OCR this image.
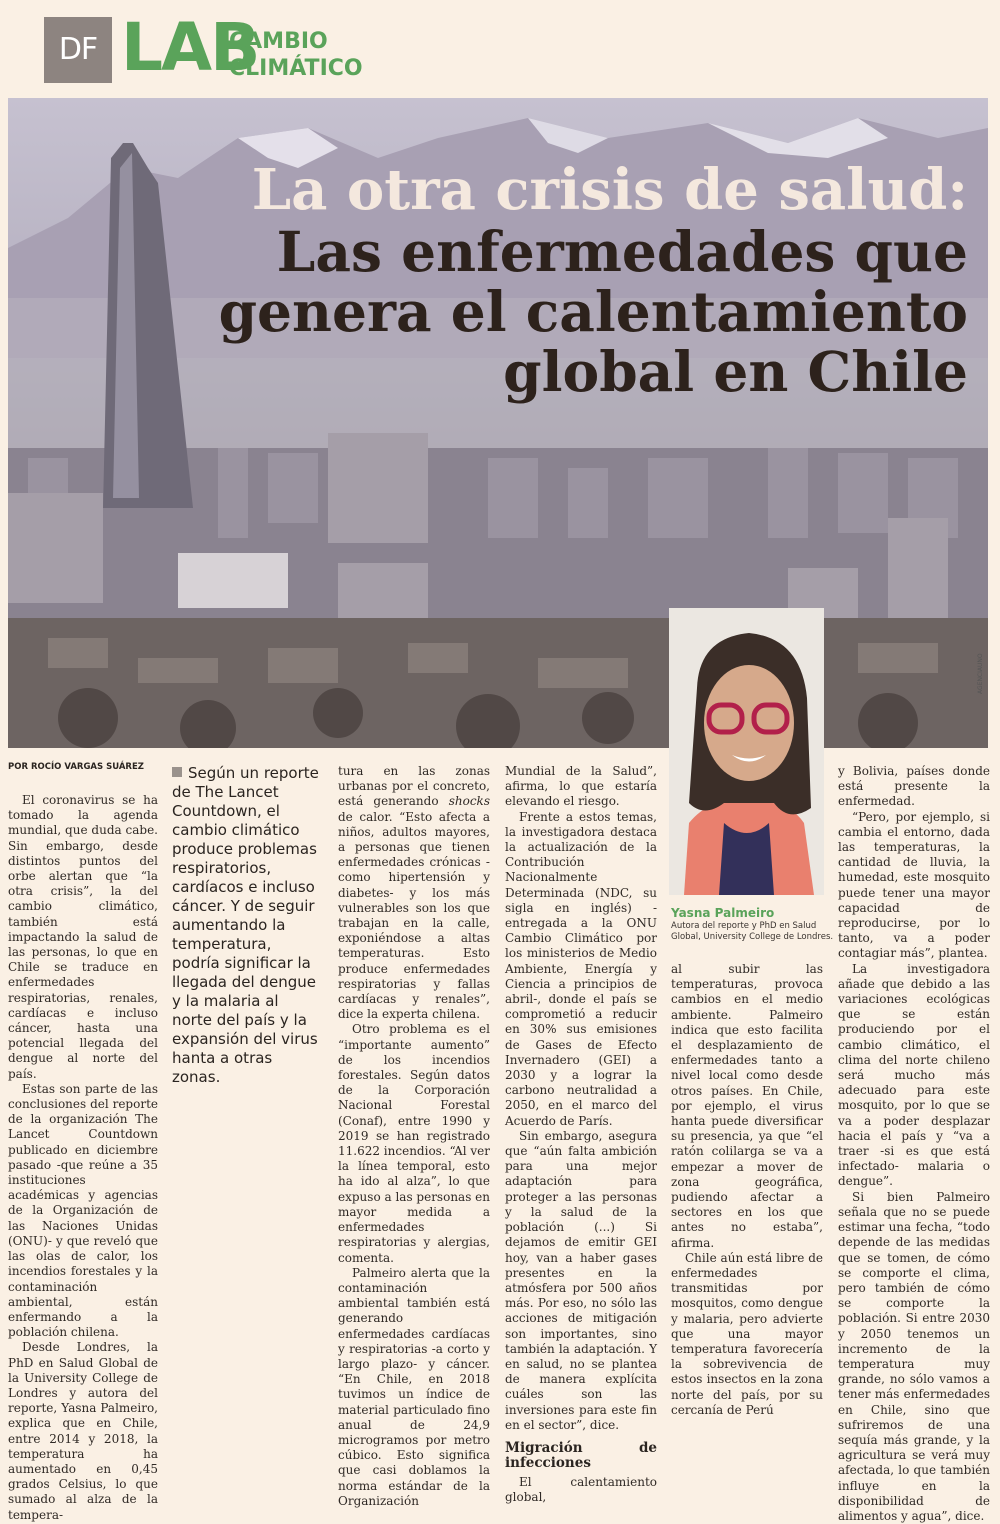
DF LAB
CAMBIO
CLIMÁTICO
La otra crisis de salud:
Las enfermedades que
genera el calentamiento
global en Chile
AGENCIAUNO
Yasna Palmeiro
Autora del reporte y PhD en Salud Global, University College de Londres.
POR ROCÍO VARGAS SUÁREZ

El coronavirus se ha tomado la agenda mundial, que duda cabe. Sin embargo, desde distintos puntos del orbe alertan que “la otra crisis”, la del cambio climático, también está impactando la salud de las personas, lo que en Chile se traduce en enfermedades respiratorias, renales, cardíacas e incluso cáncer, hasta una potencial llegada del dengue al norte del país.

Estas son parte de las conclusiones del reporte de la organización The Lancet Countdown publicado en diciembre pasado -que reúne a 35 instituciones académicas y agencias de la Organización de las Naciones Unidas (ONU)- y que reveló que las olas de calor, los incendios forestales y la contaminación ambiental, están enfermando a la población chilena.

Desde Londres, la PhD en Salud Global de la University College de Londres y autora del reporte, Yasna Palmeiro, explica que en Chile, entre 2014 y 2018, la temperatura ha aumentado en 0,45 grados Celsius, lo que sumado al alza de la tempera-

Según un reporte de The Lancet Countdown, el cambio climático produce problemas respiratorios, cardíacos e incluso cáncer. Y de seguir aumentando la temperatura, podría significar la llegada del dengue y la malaria al norte del país y la expansión del virus hanta a otras zonas.

tura en las zonas urbanas por el concreto, está generando shocks de calor. “Esto afecta a niños, adultos mayores, a personas que tienen enfermedades crónicas -como hipertensión y diabetes- y los más vulnerables son los que trabajan en la calle, exponiéndose a altas temperaturas. Esto produce enfermedades respiratorias y fallas cardíacas y renales”, dice la experta chilena.

Otro problema es el “importante aumento” de los incendios forestales. Según datos de la Corporación Nacional Forestal (Conaf), entre 1990 y 2019 se han registrado 11.622 incendios. “Al ver la línea temporal, esto ha ido al alza”, lo que expuso a las personas en mayor medida a enfermedades respiratorias y alergias, comenta.

Palmeiro alerta que la contaminación ambiental también está generando enfermedades cardíacas y respiratorias -a corto y largo plazo- y cáncer. “En Chile, en 2018 tuvimos un índice de material particulado fino anual de 24,9 microgramos por metro cúbico. Esto significa que casi doblamos la norma estándar de la Organización

Mundial de la Salud”, afirma, lo que estaría elevando el riesgo.

Frente a estos temas, la investigadora destaca la actualización de la Contribución Nacionalmente Determinada (NDC, su sigla en inglés) -entregada a la ONU Cambio Climático por los ministerios de Medio Ambiente, Energía y Ciencia a principios de abril-, donde el país se comprometió a reducir en 30% sus emisiones de Gases de Efecto Invernadero (GEI) a 2030 y a lograr la carbono neutralidad a 2050, en el marco del Acuerdo de París.

Sin embargo, asegura que “aún falta ambición para una mejor adaptación para proteger a las personas y la salud de la población (...) Si dejamos de emitir GEI hoy, van a haber gases presentes en la atmósfera por 500 años más. Por eso, no sólo las acciones de mitigación son importantes, sino también la adaptación. Y en salud, no se plantea de manera explícita cuáles son las inversiones para este fin en el sector”, dice.

Migración de infecciones

El calentamiento global,

al subir las temperaturas, provoca cambios en el medio ambiente. Palmeiro indica que esto facilita el desplazamiento de enfermedades tanto a nivel local como desde otros países. En Chile, por ejemplo, el virus hanta puede diversificar su presencia, ya que “el ratón colilarga se va a empezar a mover de zona geográfica, pudiendo afectar a sectores en los que antes no estaba”, afirma.

Chile aún está libre de enfermedades transmitidas por mosquitos, como dengue y malaria, pero advierte que una mayor temperatura favorecería la sobrevivencia de estos insectos en la zona norte del país, por su cercanía de Perú

y Bolivia, países donde está presente la enfermedad.

“Pero, por ejemplo, si cambia el entorno, dada las temperaturas, la cantidad de lluvia, la humedad, este mosquito puede tener una mayor capacidad de reproducirse, por lo tanto, va a poder contagiar más”, plantea.

La investigadora añade que debido a las variaciones ecológicas que se están produciendo por el cambio climático, el clima del norte chileno será mucho más adecuado para este mosquito, por lo que se va a poder desplazar hacia el país y “va a traer -si es que está infectado- malaria o dengue”.

Si bien Palmeiro señala que no se puede estimar una fecha, “todo depende de las medidas que se tomen, de cómo se comporte el clima, pero también de cómo se comporte la población. Si entre 2030 y 2050 tenemos un incremento de la temperatura muy grande, no sólo vamos a tener más enfermedades en Chile, sino que sufriremos de una sequía más grande, y la agricultura se verá muy afectada, lo que también influye en la disponibilidad de alimentos y agua”, dice.
